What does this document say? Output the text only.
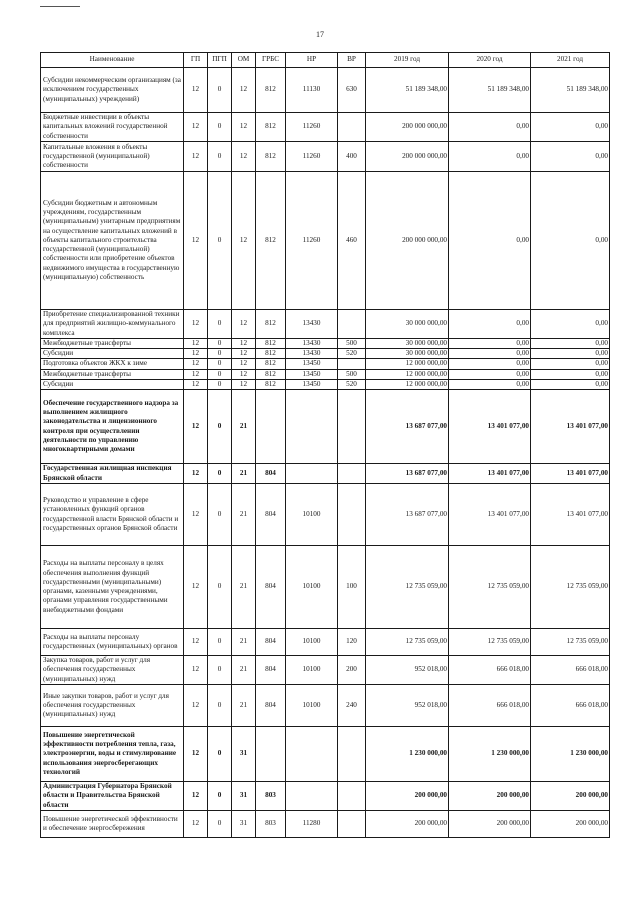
17
Наименование	ГП	ПГП	ОМ	ГРБС	НР	ВР	2019 год	2020 год	2021 год
Субсидии некоммерческим организациям (за исключением государственных (муниципальных) учреждений)	12	0	12	812	11130	630	51 189 348,00	51 189 348,00	51 189 348,00
Бюджетные инвестиции в объекты капитальных вложений государственной собственности	12	0	12	812	11260		200 000 000,00	0,00	0,00
Капитальные вложения в объекты государственной (муниципальной) собственности	12	0	12	812	11260	400	200 000 000,00	0,00	0,00
Субсидии бюджетным и автономным учреждениям, государственным (муниципальным) унитарным предприятиям на осуществление капитальных вложений в объекты капитального строительства государственной (муниципальной) собственности или приобретение объектов недвижимого имущества в государственную (муниципальную) собственность	12	0	12	812	11260	460	200 000 000,00	0,00	0,00
Приобретение специализированной техники для предприятий жилищно-коммунального комплекса	12	0	12	812	13430		30 000 000,00	0,00	0,00
Межбюджетные трансферты	12	0	12	812	13430	500	30 000 000,00	0,00	0,00
Субсидии	12	0	12	812	13430	520	30 000 000,00	0,00	0,00
Подготовка объектов ЖКХ к зиме	12	0	12	812	13450		12 000 000,00	0,00	0,00
Межбюджетные трансферты	12	0	12	812	13450	500	12 000 000,00	0,00	0,00
Субсидии	12	0	12	812	13450	520	12 000 000,00	0,00	0,00
Обеспечение государственного надзора за выполнением жилищного законодательства и лицензионного контроля при осуществлении деятельности по управлению многоквартирными домами	12	0	21				13 687 077,00	13 401 077,00	13 401 077,00
Государственная жилищная инспекция Брянской области	12	0	21	804			13 687 077,00	13 401 077,00	13 401 077,00
Руководство и управление в сфере установленных функций органов государственной власти Брянской области и государственных органов Брянской области	12	0	21	804	10100		13 687 077,00	13 401 077,00	13 401 077,00
Расходы на выплаты персоналу в целях обеспечения выполнения функций государственными (муниципальными) органами, казенными учреждениями, органами управления государственными внебюджетными фондами	12	0	21	804	10100	100	12 735 059,00	12 735 059,00	12 735 059,00
Расходы на выплаты персоналу государственных (муниципальных) органов	12	0	21	804	10100	120	12 735 059,00	12 735 059,00	12 735 059,00
Закупка товаров, работ и услуг для обеспечения государственных (муниципальных) нужд	12	0	21	804	10100	200	952 018,00	666 018,00	666 018,00
Иные закупки товаров, работ и услуг для обеспечения государственных (муниципальных) нужд	12	0	21	804	10100	240	952 018,00	666 018,00	666 018,00
Повышение энергетической эффективности потребления тепла, газа, электроэнергии, воды и стимулирование использования энергосберегающих технологий	12	0	31				1 230 000,00	1 230 000,00	1 230 000,00
Администрация Губернатора Брянской области и Правительства Брянской области	12	0	31	803			200 000,00	200 000,00	200 000,00
Повышение энергетической эффективности и обеспечение энергосбережения	12	0	31	803	11280		200 000,00	200 000,00	200 000,00
